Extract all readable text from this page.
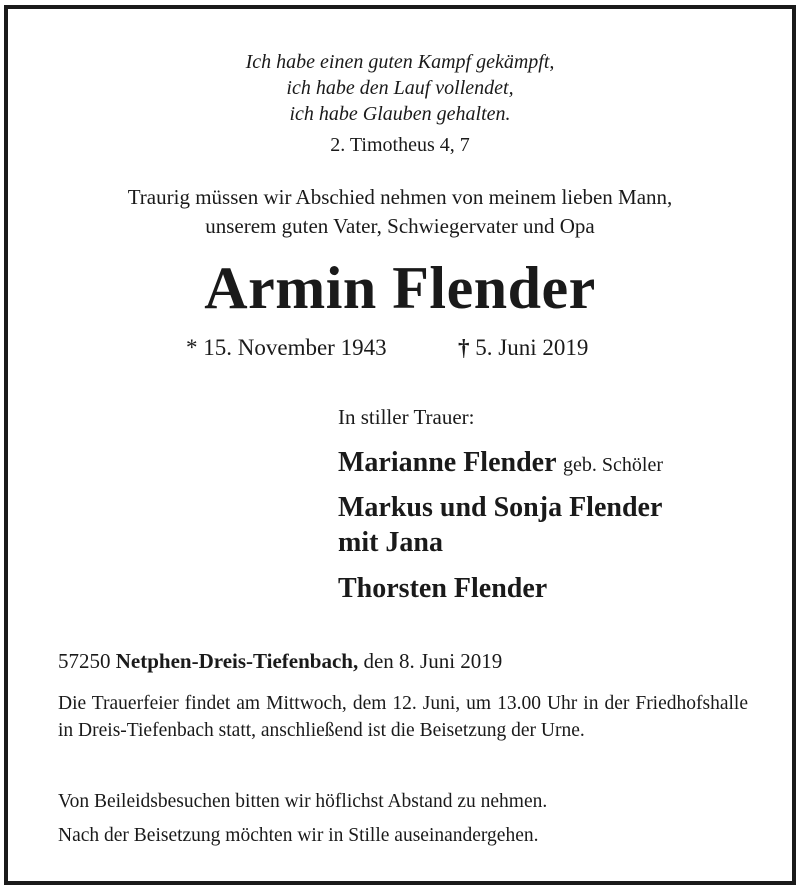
Ich habe einen guten Kampf gekämpft,
ich habe den Lauf vollendet,
ich habe Glauben gehalten.
2. Timotheus 4, 7
Traurig müssen wir Abschied nehmen von meinem lieben Mann,
unserem guten Vater, Schwiegervater und Opa
Armin Flender
* 15. November 1943	† 5. Juni 2019
In stiller Trauer:
Marianne Flender geb. Schöler
Markus und Sonja Flender
mit Jana
Thorsten Flender
57250 Netphen-Dreis-Tiefenbach, den 8. Juni 2019
Die Trauerfeier findet am Mittwoch, dem 12. Juni, um 13.00 Uhr in der Friedhofshalle in Dreis-Tiefenbach statt, anschließend ist die Beisetzung der Urne.
Von Beileidsbesuchen bitten wir höflichst Abstand zu nehmen.
Nach der Beisetzung möchten wir in Stille auseinandergehen.
